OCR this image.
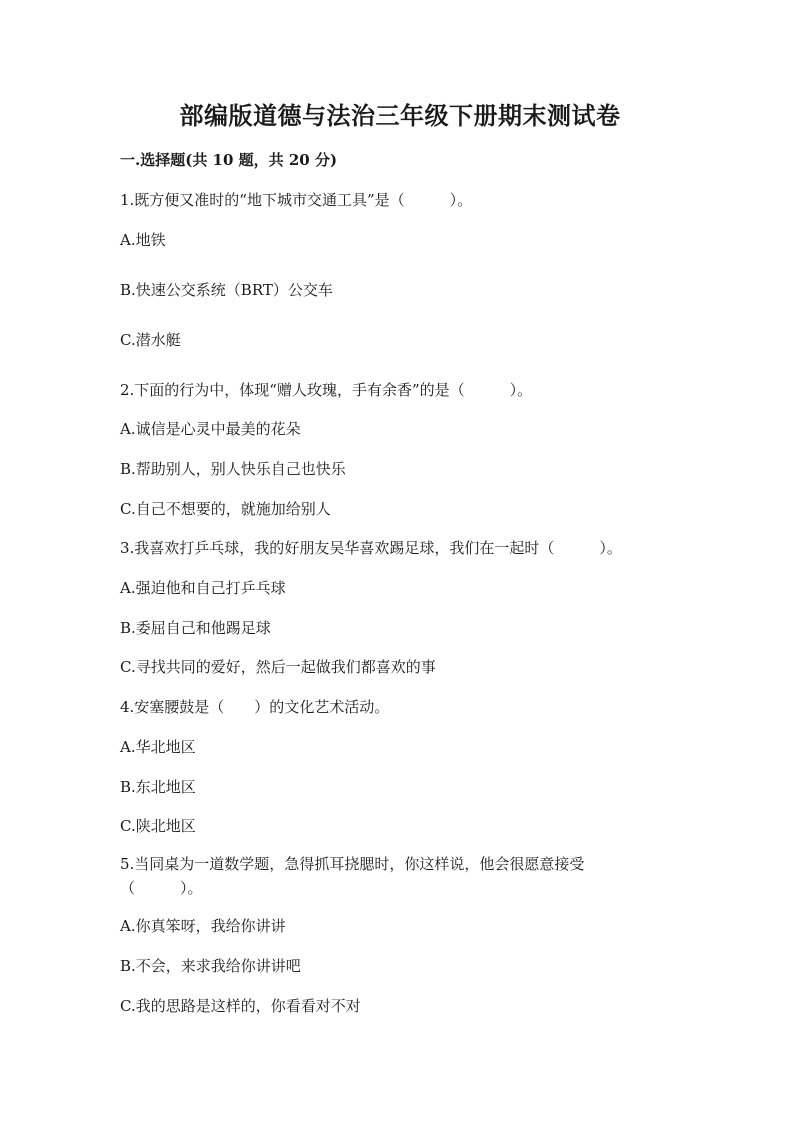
部编版道德与法治三年级下册期末测试卷
一.选择题(共 10 题，共 20 分)
1.既方便又准时的“地下城市交通工具”是（　　　）。
A.地铁
B.快速公交系统（BRT）公交车
C.潜水艇
2.下面的行为中，体现“赠人玫瑰，手有余香”的是（　　　）。
A.诚信是心灵中最美的花朵
B.帮助别人，别人快乐自己也快乐
C.自己不想要的，就施加给别人
3.我喜欢打乒乓球，我的好朋友吴华喜欢踢足球，我们在一起时（　　　）。
A.强迫他和自己打乒乓球
B.委屈自己和他踢足球
C.寻找共同的爱好，然后一起做我们都喜欢的事
4.安塞腰鼓是（　　）的文化艺术活动。
A.华北地区
B.东北地区
C.陕北地区
5.当同桌为一道数学题，急得抓耳挠腮时，你这样说，他会很愿意接受（　　　）。
A.你真笨呀，我给你讲讲
B.不会，来求我给你讲讲吧
C.我的思路是这样的，你看看对不对
